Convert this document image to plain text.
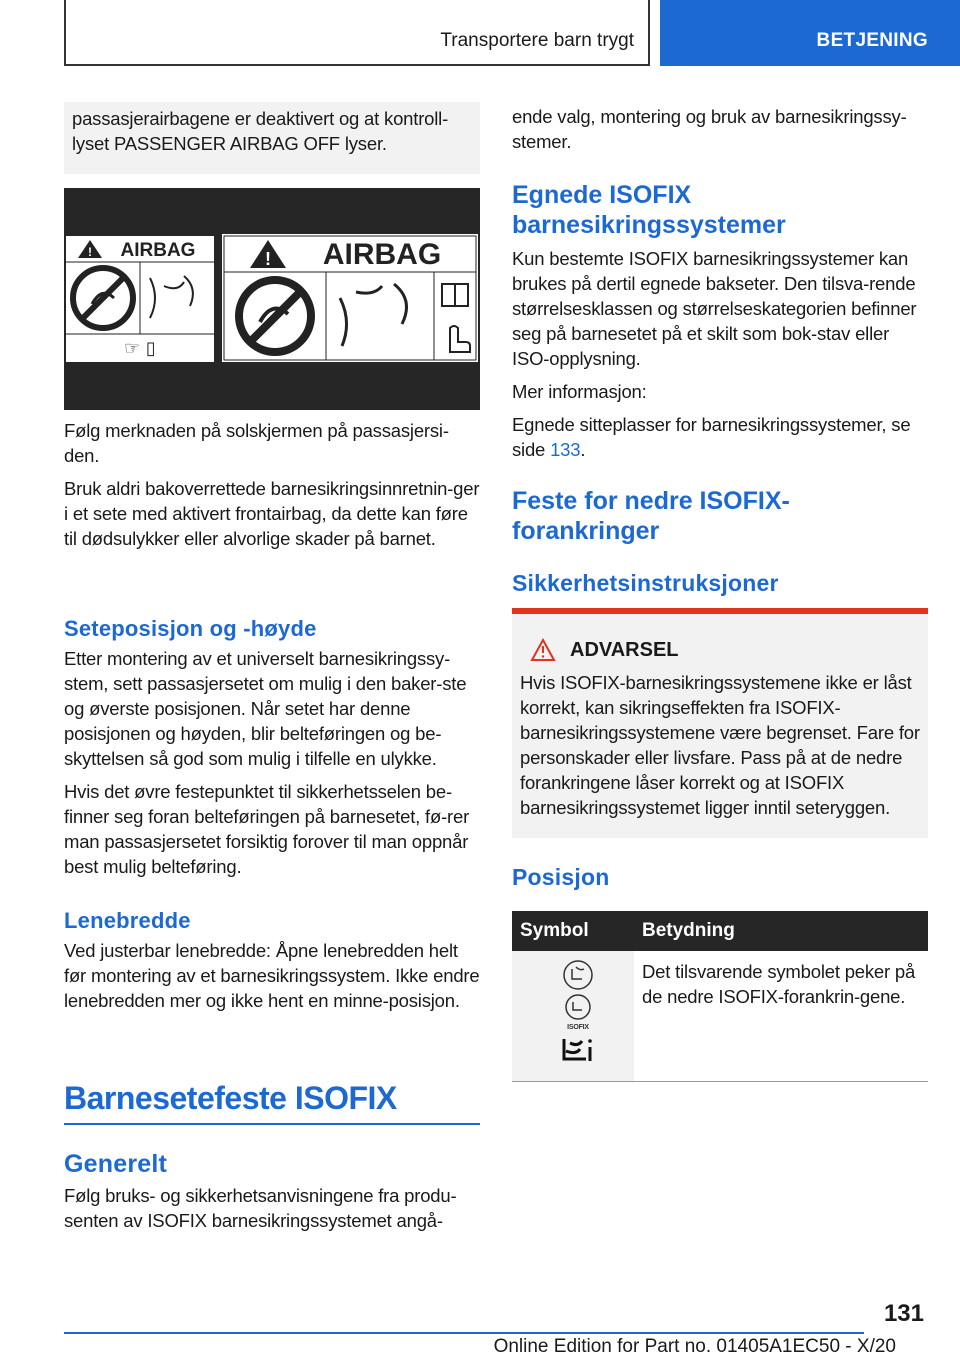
Transportere barn trygt	BETJENING

passasjerairbagene er deaktivert og at kontroll-lyset PASSENGER AIRBAG OFF lyser.

! AIRBAG
☞ ▯
! AIRBAG

Følg merknaden på solskjermen på passasjersi-den.

Bruk aldri bakoverrettede barnesikringsinnretnin-ger i et sete med aktivert frontairbag, da dette kan føre til dødsulykker eller alvorlige skader på barnet.

Seteposisjon og -høyde

Etter montering av et universelt barnesikringssy-stem, sett passasjersetet om mulig i den baker-ste og øverste posisjonen. Når setet har denne posisjonen og høyden, blir belteføringen og be-skyttelsen så god som mulig i tilfelle en ulykke.

Hvis det øvre festepunktet til sikkerhetsselen be-finner seg foran belteføringen på barnesetet, fø-rer man passasjersetet forsiktig forover til man oppnår best mulig belteføring.

Lenebredde

Ved justerbar lenebredde: Åpne lenebredden helt før montering av et barnesikringssystem. Ikke endre lenebredden mer og ikke hent en minne-posisjon.

Barnesetefeste ISOFIX
Generelt

Følg bruks- og sikkerhetsanvisningene fra produ-senten av ISOFIX barnesikringssystemet angå-

ende valg, montering og bruk av barnesikringssy-stemer.

Egnede ISOFIX barnesikringssystemer

Kun bestemte ISOFIX barnesikringssystemer kan brukes på dertil egnede bakseter. Den tilsva-rende størrelsesklassen og størrelseskategorien befinner seg på barnesetet på et skilt som bok-stav eller ISO-opplysning.

Mer informasjon:

Egnede sitteplasser for barnesikringssystemer, se side 133.

Feste for nedre ISOFIX-forankringer
Sikkerhetsinstruksjoner
ADVARSEL

Hvis ISOFIX-barnesikringssystemene ikke er låst korrekt, kan sikringseffekten fra ISOFIX-barnesikringssystemene være begrenset. Fare for personskader eller livsfare. Pass på at de nedre forankringene låser korrekt og at ISOFIX barnesikringssystemet ligger inntil seteryggen.

Posisjon
Symbol	Betydning

ISOFIX	Det tilsvarende symbolet peker på de nedre ISOFIX-forankrin-gene.
131
Online Edition for Part no. 01405A1EC50 - X/20
